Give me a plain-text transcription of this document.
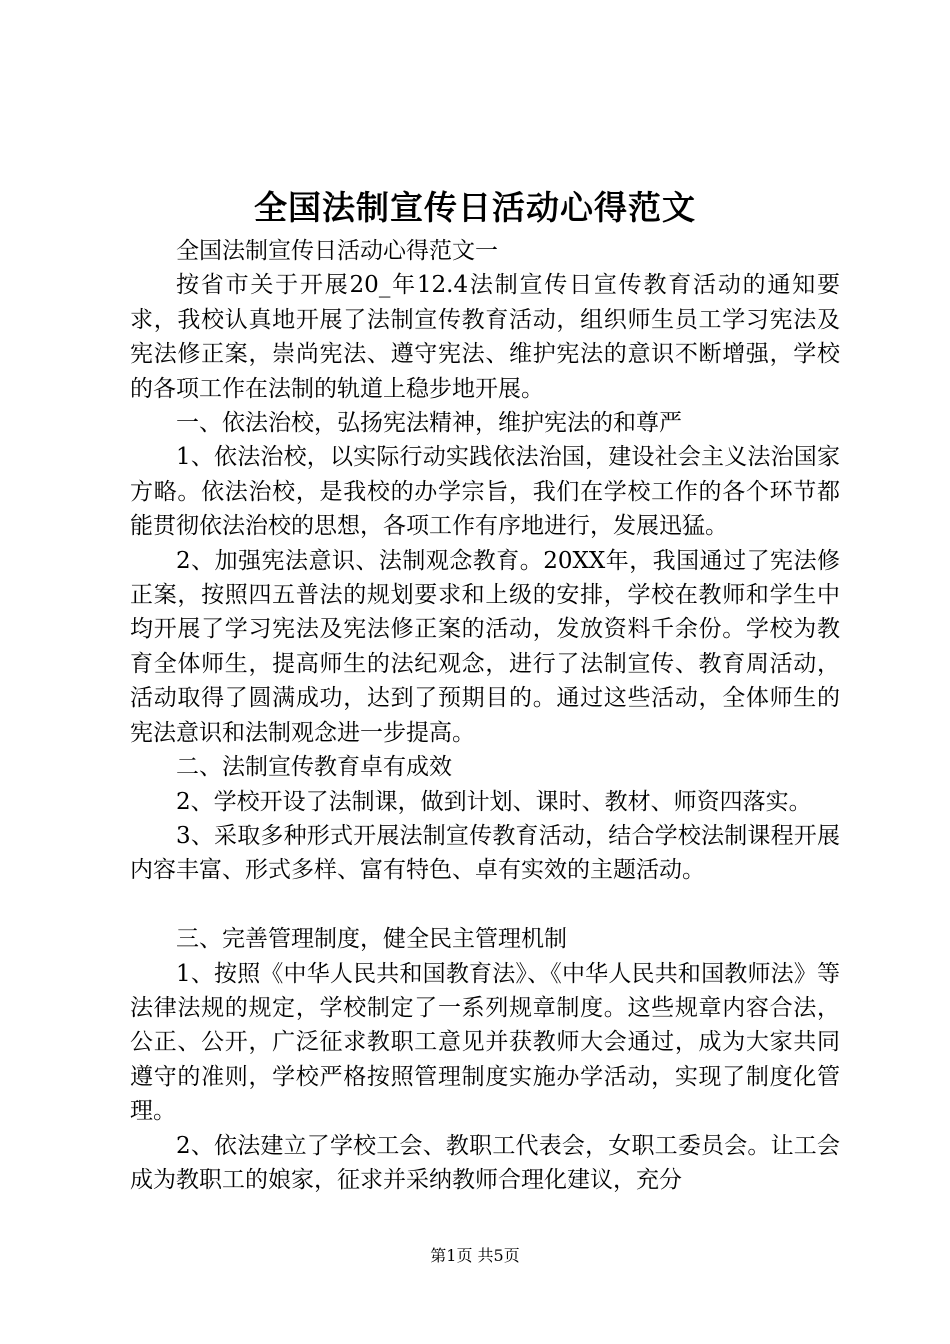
全国法制宣传日活动心得范文

全国法制宣传日活动心得范文一

按省市关于开展20_年12.4法制宣传日宣传教育活动的通知要求，我校认真地开展了法制宣传教育活动，组织师生员工学习宪法及宪法修正案，崇尚宪法、遵守宪法、维护宪法的意识不断增强，学校的各项工作在法制的轨道上稳步地开展。

一、依法治校，弘扬宪法精神，维护宪法的和尊严

1、依法治校，以实际行动实践依法治国，建设社会主义法治国家方略。依法治校，是我校的办学宗旨，我们在学校工作的各个环节都能贯彻依法治校的思想，各项工作有序地进行，发展迅猛。

2、加强宪法意识、法制观念教育。20XX年，我国通过了宪法修正案，按照四五普法的规划要求和上级的安排，学校在教师和学生中均开展了学习宪法及宪法修正案的活动，发放资料千余份。学校为教育全体师生，提高师生的法纪观念，进行了法制宣传、教育周活动，活动取得了圆满成功，达到了预期目的。通过这些活动，全体师生的宪法意识和法制观念进一步提高。

二、法制宣传教育卓有成效

2、学校开设了法制课，做到计划、课时、教材、师资四落实。

3、采取多种形式开展法制宣传教育活动，结合学校法制课程开展内容丰富、形式多样、富有特色、卓有实效的主题活动。

三、完善管理制度，健全民主管理机制

1、按照《中华人民共和国教育法》、《中华人民共和国教师法》等法律法规的规定，学校制定了一系列规章制度。这些规章内容合法，公正、公开，广泛征求教职工意见并获教师大会通过，成为大家共同遵守的准则，学校严格按照管理制度实施办学活动，实现了制度化管理。

2、依法建立了学校工会、教职工代表会，女职工委员会。让工会成为教职工的娘家，征求并采纳教师合理化建议，充分

第1页 共5页
